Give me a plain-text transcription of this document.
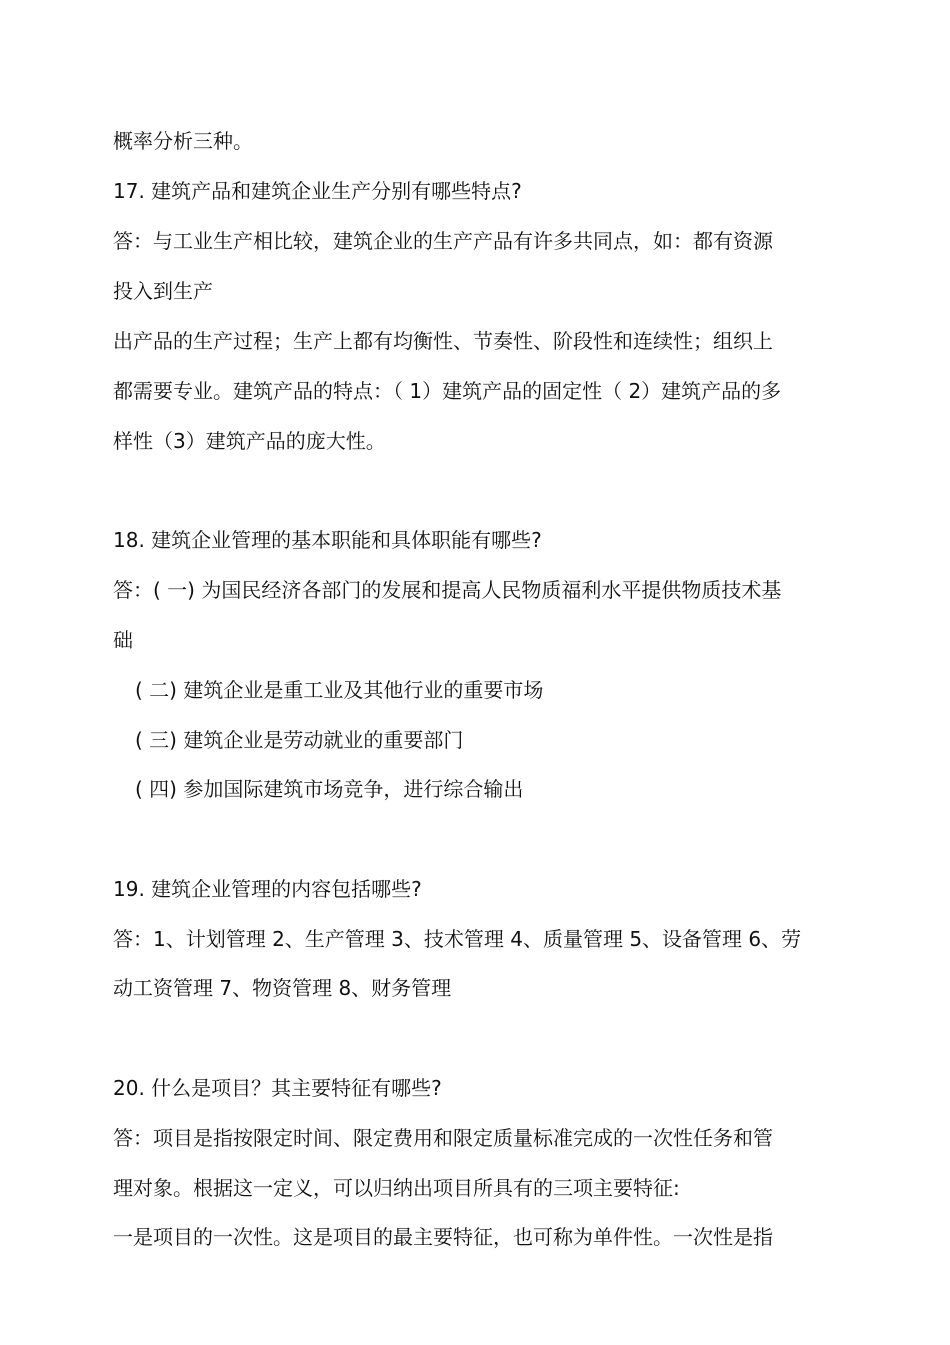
概率分析三种。

17. 建筑产品和建筑企业生产分别有哪些特点?

答：与工业生产相比较，建筑企业的生产产品有许多共同点，如：都有资源

投入到生产

出产品的生产过程；生产上都有均衡性、节奏性、阶段性和连续性；组织上

都需要专业。建筑产品的特点：（ 1）建筑产品的固定性（ 2）建筑产品的多

样性（3）建筑产品的庞大性。

18. 建筑企业管理的基本职能和具体职能有哪些?

答：( 一) 为国民经济各部门的发展和提高人民物质福利水平提供物质技术基

础

( 二) 建筑企业是重工业及其他行业的重要市场

( 三) 建筑企业是劳动就业的重要部门

( 四) 参加国际建筑市场竞争，进行综合输出

19. 建筑企业管理的内容包括哪些?

答：1、计划管理 2、生产管理 3、技术管理 4、质量管理 5、设备管理 6、劳

动工资管理 7、物资管理 8、财务管理

20. 什么是项目？其主要特征有哪些?

答：项目是指按限定时间、限定费用和限定质量标准完成的一次性任务和管

理对象。根据这一定义，可以归纳出项目所具有的三项主要特征:

一是项目的一次性。这是项目的最主要特征，也可称为单件性。一次性是指
